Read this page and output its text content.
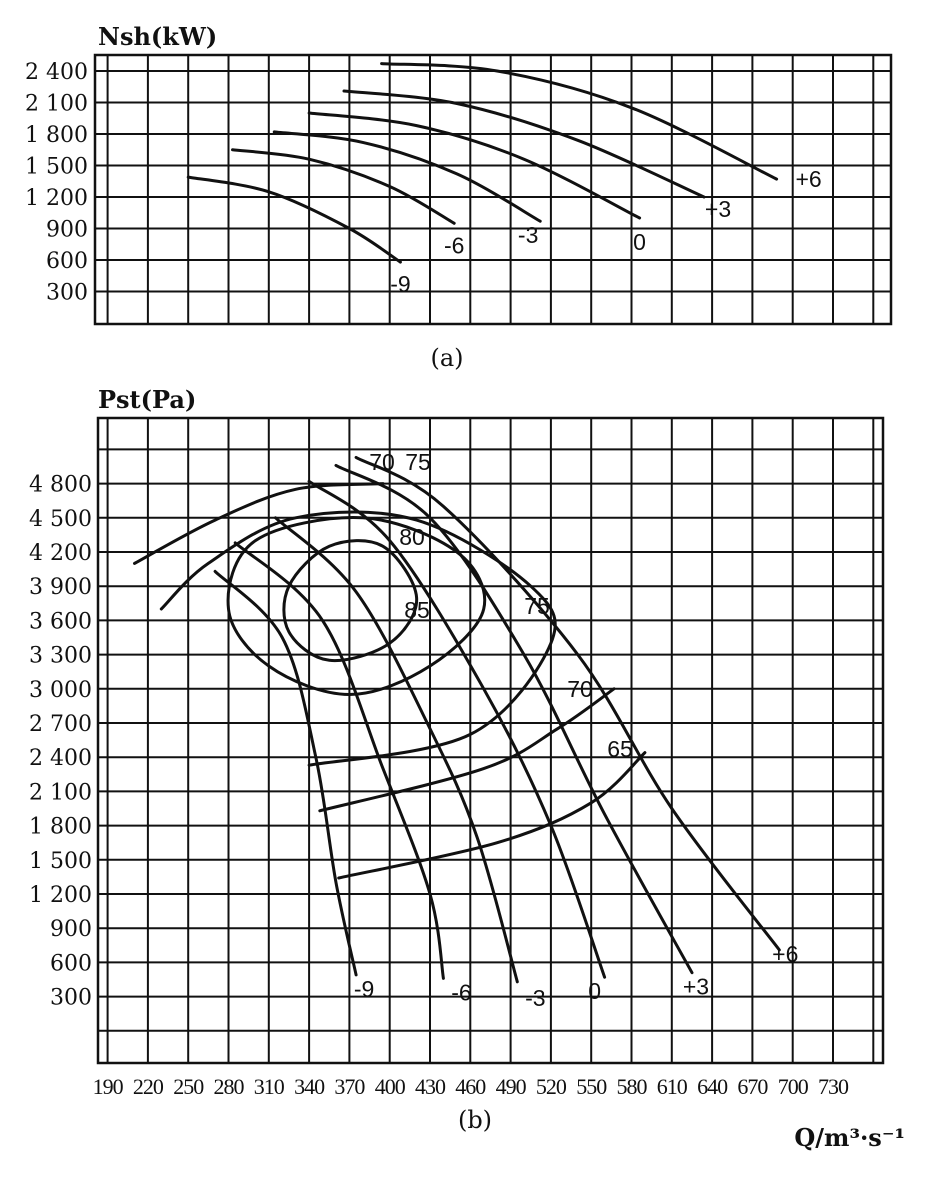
2 400
2 100
1 800
1 500
1 200
900
600
300	-9
-6 -3	0
+3
+6
Nsh(kW)
(a)
4 800
4 500
4 200
3 900
3 600
3 300
3 000
2 700
2 400
2 100
1 800
1 500
1 200
900
600
300
190 220 250 280 310 340 370 400 430 460 490 520 550 580 610 640 670 700 730
-9	-6 -3 0	+3
+6
65
70
75
70
80
85
75
Pst(Pa)
(b)
Q/m³·s⁻¹
